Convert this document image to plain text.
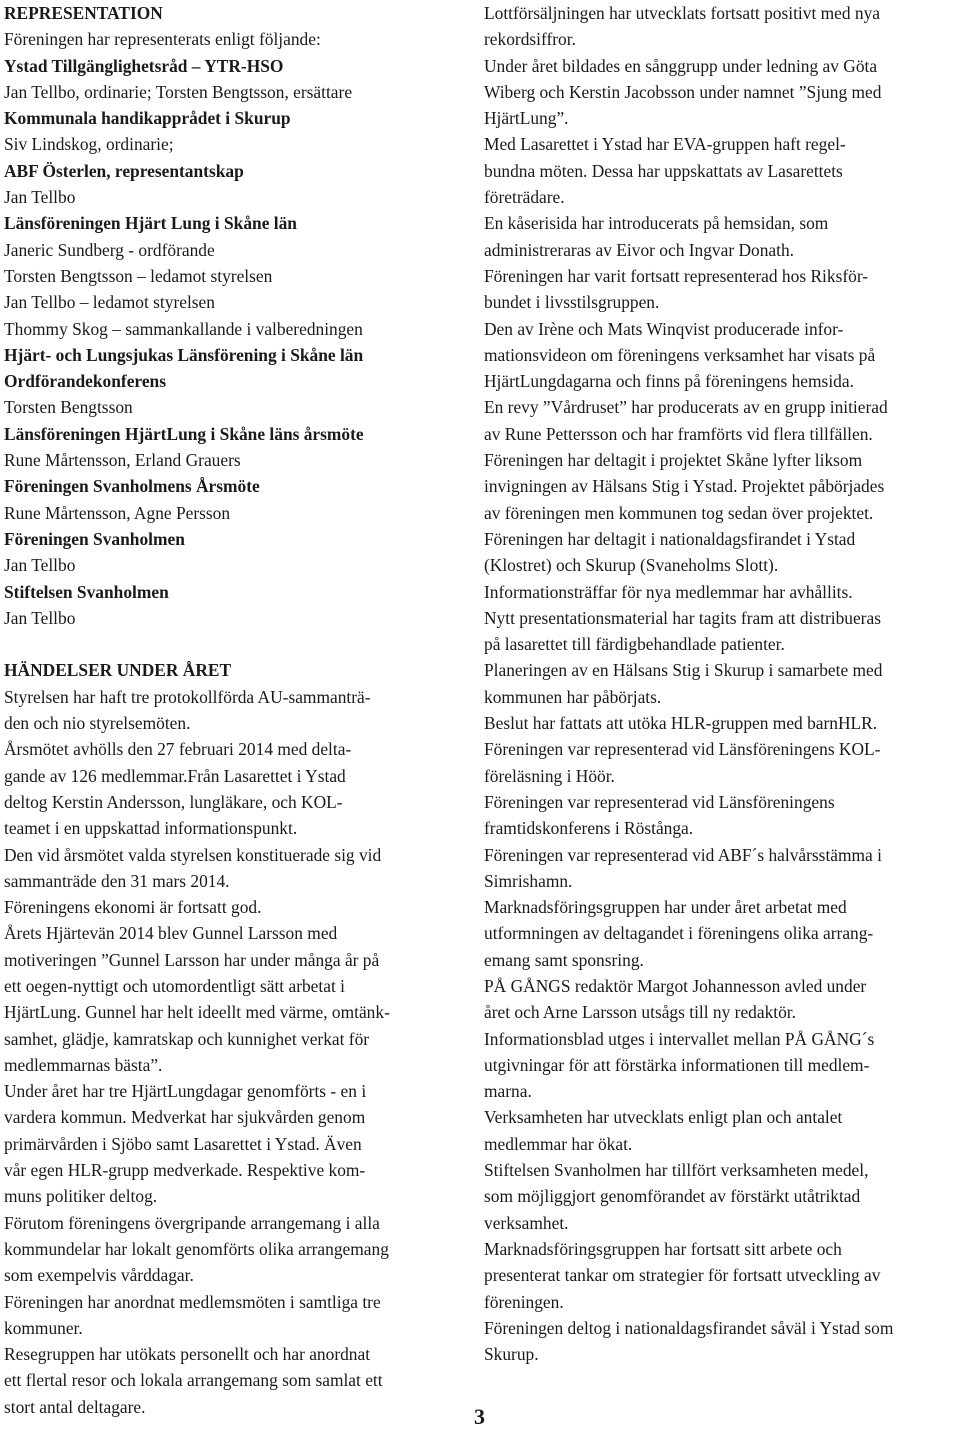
REPRESENTATION
Föreningen har representerats enligt följande:
Ystad Tillgänglighetsråd – YTR-HSO
Jan Tellbo, ordinarie; Torsten Bengtsson, ersättare
Kommunala handikapprådet i Skurup
Siv Lindskog, ordinarie;
ABF Österlen, representantskap
Jan Tellbo
Länsföreningen Hjärt Lung i Skåne län
Janeric Sundberg - ordförande
Torsten Bengtsson – ledamot styrelsen
Jan Tellbo – ledamot styrelsen
Thommy Skog – sammankallande i valberedningen
Hjärt- och Lungsjukas Länsförening i Skåne län
Ordförandekonferens
Torsten Bengtsson
Länsföreningen HjärtLung i Skåne läns årsmöte
Rune Mårtensson, Erland Grauers
Föreningen Svanholmens Årsmöte
Rune Mårtensson, Agne Persson
Föreningen Svanholmen
Jan Tellbo
Stiftelsen Svanholmen
Jan Tellbo
HÄNDELSER UNDER ÅRET
Styrelsen har haft tre protokollförda AU-sammanträ-
den och nio styrelsemöten.
Årsmötet avhölls den 27 februari 2014 med delta-
gande av 126 medlemmar.Från Lasarettet i Ystad
deltog Kerstin Andersson, lungläkare, och KOL-
teamet i en uppskattad informationspunkt.
Den vid årsmötet valda styrelsen konstituerade sig vid
sammanträde den 31 mars 2014.
Föreningens ekonomi är fortsatt god.
Årets Hjärtevän 2014 blev Gunnel Larsson med
motiveringen ”Gunnel Larsson har under många år på
ett oegen-nyttigt och utomordentligt sätt arbetat i
HjärtLung. Gunnel har helt ideellt med värme, omtänk-
samhet, glädje, kamratskap och kunnighet verkat för
medlemmarnas bästa”.
Under året har tre HjärtLungdagar genomförts - en i
vardera kommun. Medverkat har sjukvården genom
primärvården i Sjöbo samt Lasarettet i Ystad. Även
vår egen HLR-grupp medverkade. Respektive kom-
muns politiker deltog.
Förutom föreningens övergripande arrangemang i alla
kommundelar har lokalt genomförts olika arrangemang
som exempelvis vårddagar.
Föreningen har anordnat medlemsmöten i samtliga tre
kommuner.
Resegruppen har utökats personellt och har anordnat
ett flertal resor och lokala arrangemang som samlat ett
stort antal deltagare.
Lottförsäljningen har utvecklats fortsatt positivt med nya
rekordsiffror.
Under året bildades en sånggrupp under ledning av Göta
Wiberg och Kerstin Jacobsson under namnet ”Sjung med
HjärtLung”.
Med Lasarettet i Ystad har EVA-gruppen haft regel-
bundna möten. Dessa har uppskattats av Lasarettets
företrädare.
En kåserisida har introducerats på hemsidan, som
administreraras av Eivor och Ingvar Donath.
Föreningen har varit fortsatt representerad hos Riksför-
bundet i livsstilsgruppen.
Den av Irène och Mats Winqvist producerade infor-
mationsvideon om föreningens verksamhet har visats på
HjärtLungdagarna och finns på föreningens hemsida.
En revy ”Vårdruset” har producerats av en grupp initierad
av Rune Pettersson och har framförts vid flera tillfällen.
Föreningen har deltagit i projektet Skåne lyfter liksom
invigningen av Hälsans Stig i Ystad. Projektet påbörjades
av föreningen men kommunen tog sedan över projektet.
Föreningen har deltagit i nationaldagsfirandet i Ystad
(Klostret) och Skurup (Svaneholms Slott).
Informationsträffar för nya medlemmar har avhållits.
Nytt presentationsmaterial har tagits fram att distribueras
på lasarettet till färdigbehandlade patienter.
Planeringen av en Hälsans Stig i Skurup i samarbete med
kommunen har påbörjats.
Beslut har fattats att utöka HLR-gruppen med barnHLR.
Föreningen var representerad vid Länsföreningens KOL-
föreläsning i Höör.
Föreningen var representerad vid Länsföreningens
framtidskonferens i Röstånga.
Föreningen var representerad vid ABF´s halvårsstämma i
Simrishamn.
Marknadsföringsgruppen har under året arbetat med
utformningen av deltagandet i föreningens olika arrang-
emang samt sponsring.
PÅ GÅNGS redaktör Margot Johannesson avled under
året och Arne Larsson utsågs till ny redaktör.
Informationsblad utges i intervallet mellan PÅ GÅNG´s
utgivningar för att förstärka informationen till medlem-
marna.
Verksamheten har utvecklats enligt plan och antalet
medlemmar har ökat.
Stiftelsen Svanholmen har tillfört verksamheten medel,
som möjliggjort genomförandet av förstärkt utåtriktad
verksamhet.
Marknadsföringsgruppen har fortsatt sitt arbete och
presenterat tankar om strategier för fortsatt utveckling av
föreningen.
Föreningen deltog i nationaldagsfirandet såväl i Ystad som
Skurup.
3
